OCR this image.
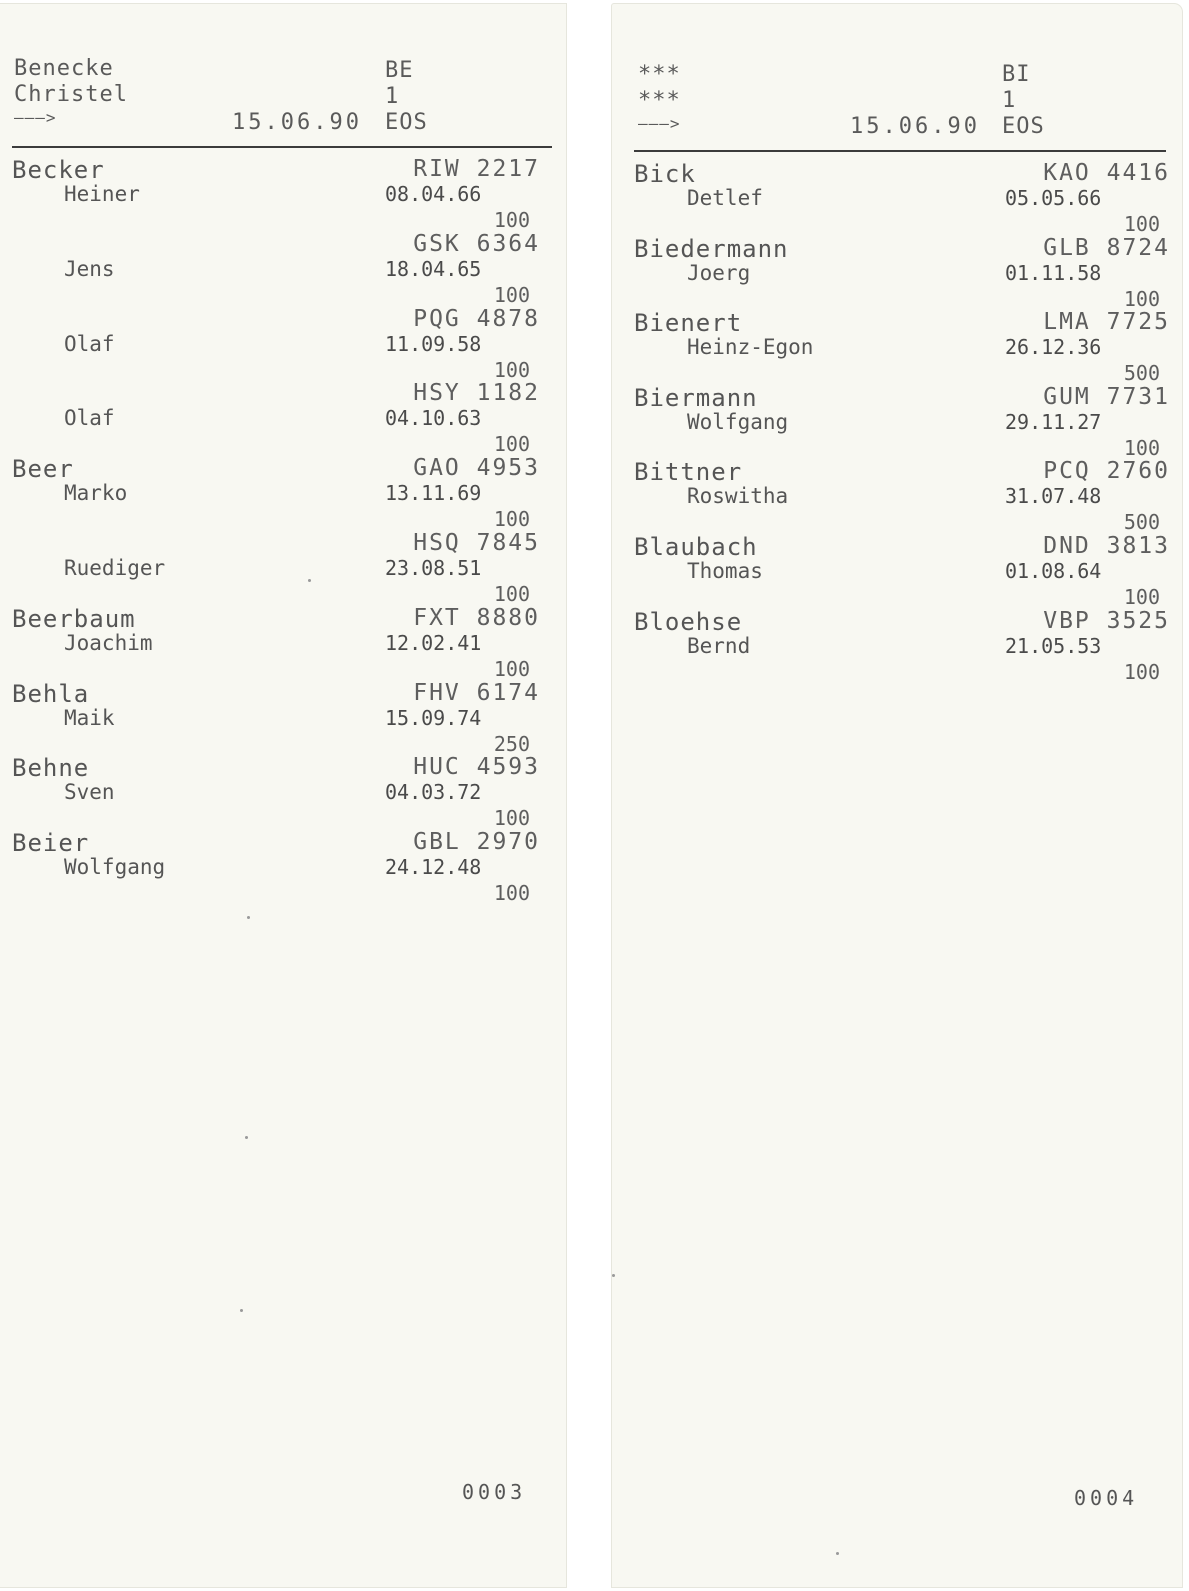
Benecke
Christel
———>	15.06.90
BE
1
EOS
Becker
Heiner
RIW 2217
08.04.66
100
Jens
GSK 6364
18.04.65
100
Olaf
PQG 4878
11.09.58
100
Olaf
HSY 1182
04.10.63
100
Beer
Marko
GAO 4953
13.11.69
100
Ruediger
HSQ 7845
23.08.51
100
Beerbaum
Joachim
FXT 8880
12.02.41
100
Behla
Maik
FHV 6174
15.09.74
250
Behne
Sven
HUC 4593
04.03.72
100
Beier
Wolfgang
GBL 2970
24.12.48
100
0003
***
***
———>	15.06.90
BI
1
EOS
Bick
Detlef
KAO 4416
05.05.66
100
Biedermann
Joerg
GLB 8724
01.11.58
100
Bienert
Heinz-Egon
LMA 7725
26.12.36
500
Biermann
Wolfgang
GUM 7731
29.11.27
100
Bittner
Roswitha
PCQ 2760
31.07.48
500
Blaubach
Thomas
DND 3813
01.08.64
100
Bloehse
Bernd
VBP 3525
21.05.53
100
0004
